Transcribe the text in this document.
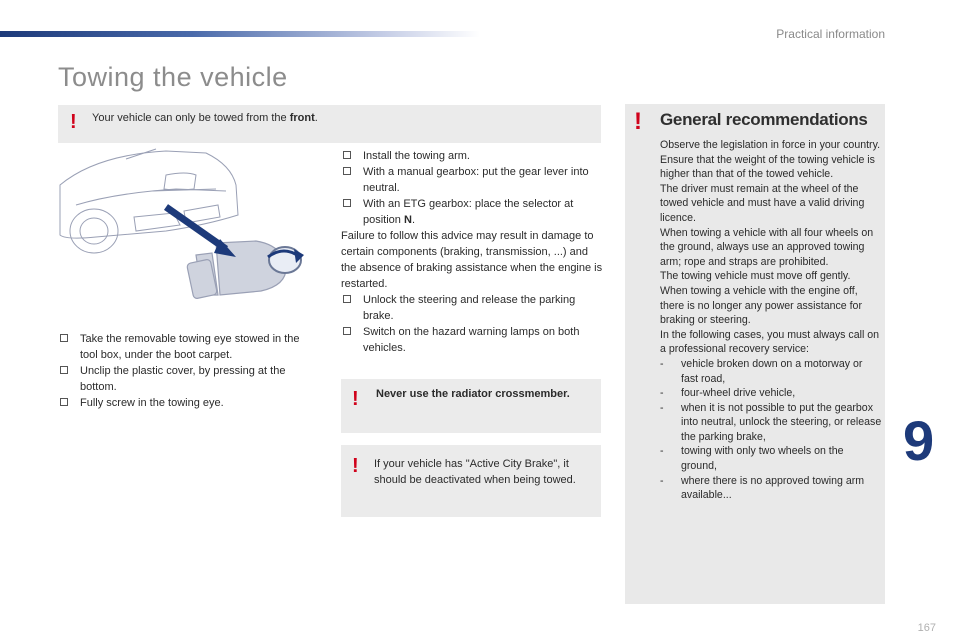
Practical information
Towing the vehicle
! Your vehicle can only be towed from the front.
Take the removable towing eye stowed in the tool box, under the boot carpet.
Unclip the plastic cover, by pressing at the bottom.
Fully screw in the towing eye.
Install the towing arm.
With a manual gearbox: put the gear lever into neutral.
With an ETG gearbox: place the selector at position N.
Failure to follow this advice may result in damage to certain components (braking, transmission, ...) and the absence of braking assistance when the engine is restarted.
Unlock the steering and release the parking brake.
Switch on the hazard warning lamps on both vehicles.
! Never use the radiator crossmember.
! If your vehicle has "Active City Brake", it should be deactivated when being towed.
! General recommendations
Observe the legislation in force in your country.
Ensure that the weight of the towing vehicle is higher than that of the towed vehicle.
The driver must remain at the wheel of the towed vehicle and must have a valid driving licence.
When towing a vehicle with all four wheels on the ground, always use an approved towing arm; rope and straps are prohibited.
The towing vehicle must move off gently.
When towing a vehicle with the engine off, there is no longer any power assistance for braking or steering.
In the following cases, you must always call on a professional recovery service:
-	vehicle broken down on a motorway or fast road,
-	four-wheel drive vehicle,
-	when it is not possible to put the gearbox into neutral, unlock the steering, or release the parking brake,
-	towing with only two wheels on the ground,
-	where there is no approved towing arm available...
9
167
